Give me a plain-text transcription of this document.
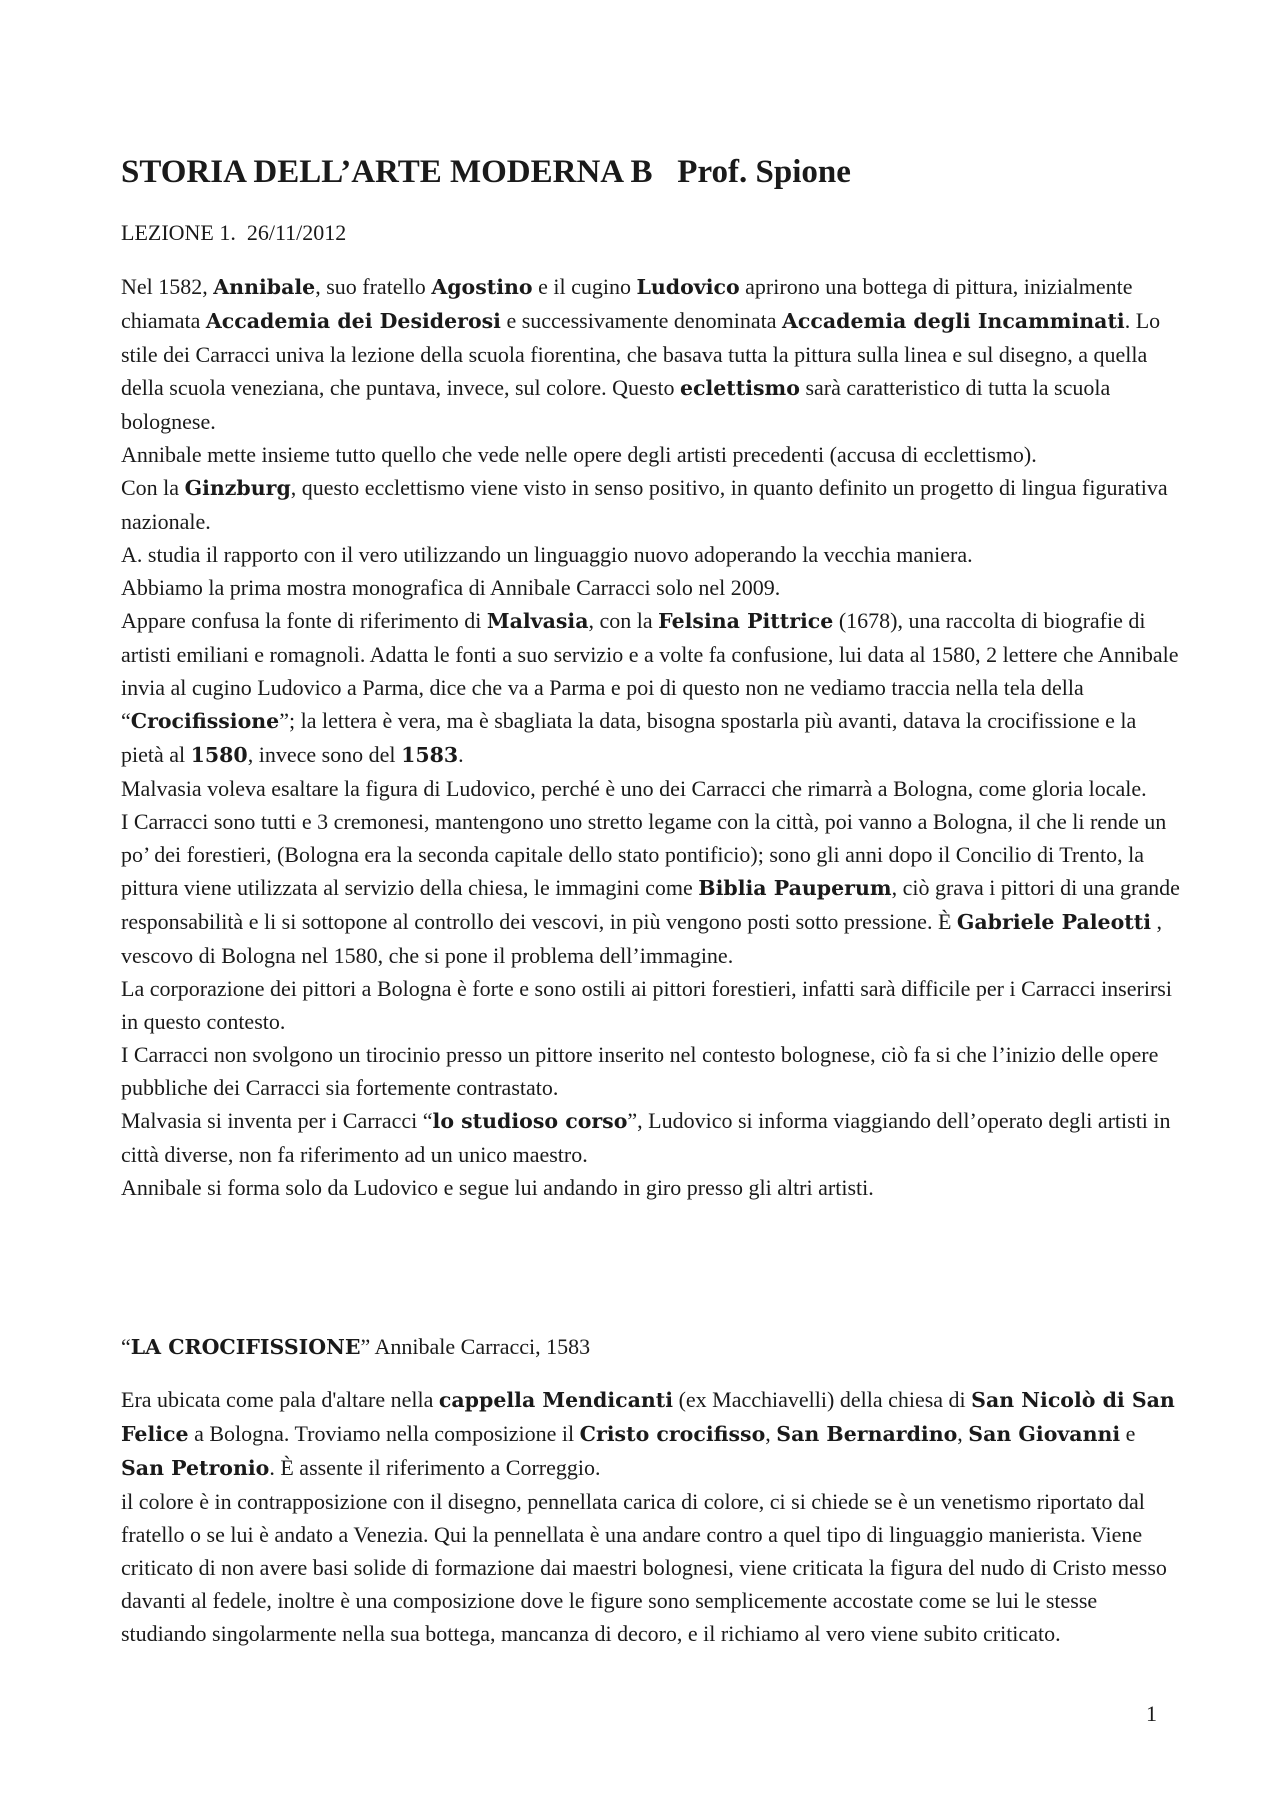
STORIA DELL’ARTE MODERNA B   Prof. Spione
LEZIONE 1.  26/11/2012

Nel 1582, Annibale, suo fratello Agostino e il cugino Ludovico aprirono una bottega di pittura, inizialmente chiamata Accademia dei Desiderosi e successivamente denominata Accademia degli Incamminati. Lo stile dei Carracci univa la lezione della scuola fiorentina, che basava tutta la pittura sulla linea e sul disegno, a quella della scuola veneziana, che puntava, invece, sul colore. Questo eclettismo sarà caratteristico di tutta la scuola bolognese.

Annibale mette insieme tutto quello che vede nelle opere degli artisti precedenti (accusa di ecclettismo).

Con la Ginzburg, questo ecclettismo viene visto in senso positivo, in quanto definito un progetto di lingua figurativa nazionale.

A. studia il rapporto con il vero utilizzando un linguaggio nuovo adoperando la vecchia maniera.

Abbiamo la prima mostra monografica di Annibale Carracci solo nel 2009.

Appare confusa la fonte di riferimento di Malvasia, con la Felsina Pittrice (1678), una raccolta di biografie di artisti emiliani e romagnoli. Adatta le fonti a suo servizio e a volte fa confusione, lui data al 1580, 2 lettere che Annibale invia al cugino Ludovico a Parma, dice che va a Parma e poi di questo non ne vediamo traccia nella tela della “Crocifissione”; la lettera è vera, ma è sbagliata la data, bisogna spostarla più avanti, datava la crocifissione e la pietà al 1580, invece sono del 1583.

Malvasia voleva esaltare la figura di Ludovico, perché è uno dei Carracci che rimarrà a Bologna, come gloria locale.

I Carracci sono tutti e 3 cremonesi, mantengono uno stretto legame con la città, poi vanno a Bologna, il che li rende un po’ dei forestieri, (Bologna era la seconda capitale dello stato pontificio); sono gli anni dopo il Concilio di Trento, la pittura viene utilizzata al servizio della chiesa, le immagini come Biblia Pauperum, ciò grava i pittori di una grande responsabilità e li si sottopone al controllo dei vescovi, in più vengono posti sotto pressione. È Gabriele Paleotti , vescovo di Bologna nel 1580, che si pone il problema dell’immagine.

La corporazione dei pittori a Bologna è forte e sono ostili ai pittori forestieri, infatti sarà difficile per i Carracci inserirsi in questo contesto.

I Carracci non svolgono un tirocinio presso un pittore inserito nel contesto bolognese, ciò fa si che l’inizio delle opere pubbliche dei Carracci sia fortemente contrastato.

Malvasia si inventa per i Carracci “lo studioso corso”, Ludovico si informa viaggiando dell’operato degli artisti in città diverse, non fa riferimento ad un unico maestro.

Annibale si forma solo da Ludovico e segue lui andando in giro presso gli altri artisti.

“LA CROCIFISSIONE” Annibale Carracci, 1583

Era ubicata come pala d'altare nella cappella Mendicanti (ex Macchiavelli) della chiesa di San Nicolò di San Felice a Bologna. Troviamo nella composizione il Cristo crocifisso, San Bernardino, San Giovanni e San Petronio. È assente il riferimento a Correggio.

il colore è in contrapposizione con il disegno, pennellata carica di colore, ci si chiede se è un venetismo riportato dal fratello o se lui è andato a Venezia. Qui la pennellata è una andare contro a quel tipo di linguaggio manierista. Viene criticato di non avere basi solide di formazione dai maestri bolognesi, viene criticata la figura del nudo di Cristo messo davanti al fedele, inoltre è una composizione dove le figure sono semplicemente accostate come se lui le stesse studiando singolarmente nella sua bottega, mancanza di decoro, e il richiamo al vero viene subito criticato.

1
